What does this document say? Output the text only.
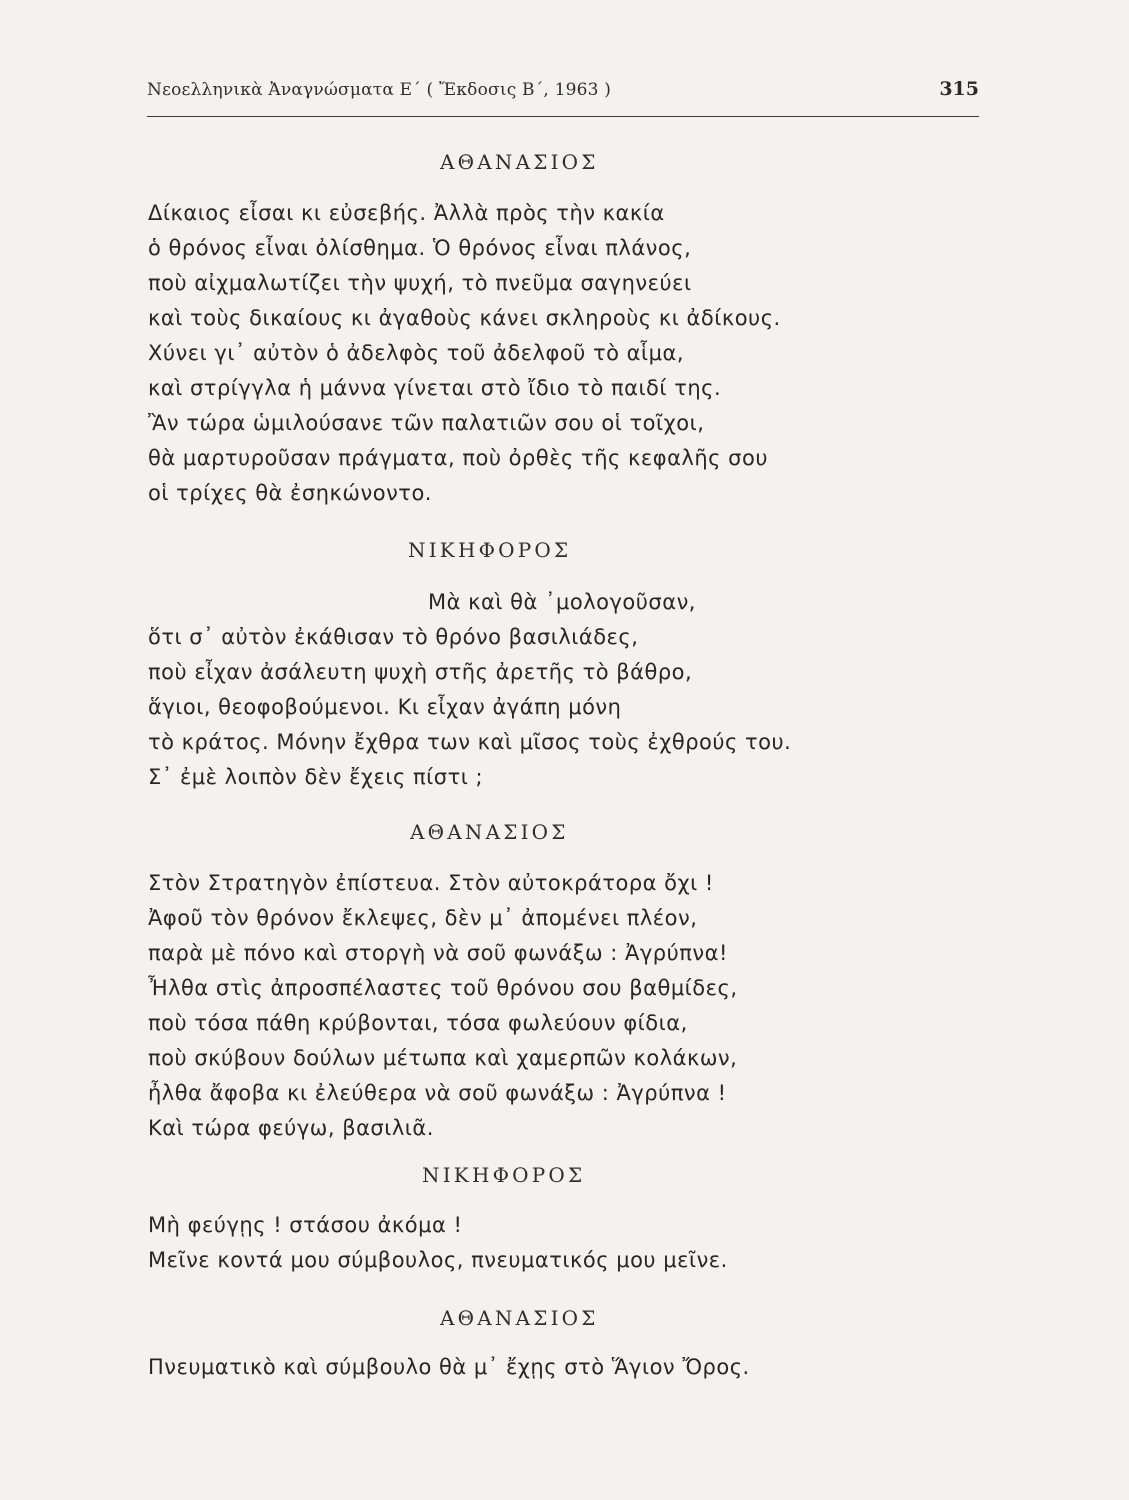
Νεοελληνικὰ Ἀναγνώσματα Ε´ ( Ἔκδοσις Β´, 1963 )	315
ΑΘΑΝΑΣΙΟΣ
Δίκαιος εἶσαι κι εὐσεβής. Ἀλλὰ πρὸς τὴν κακία
ὁ θρόνος εἶναι ὀλίσθημα. Ὁ θρόνος εἶναι πλάνος,
ποὺ αἰχμαλωτίζει τὴν ψυχή, τὸ πνεῦμα σαγηνεύει
καὶ τοὺς δικαίους κι ἀγαθοὺς κάνει σκληροὺς κι ἀδίκους.
Χύνει γι᾽ αὐτὸν ὁ ἀδελφὸς τοῦ ἀδελφοῦ τὸ αἷμα,
καὶ στρίγγλα ἡ μάννα γίνεται στὸ ἴδιο τὸ παιδί της.
Ἂν τώρα ὡμιλούσανε τῶν παλατιῶν σου οἱ τοῖχοι,
θὰ μαρτυροῦσαν πράγματα, ποὺ ὀρθὲς τῆς κεφαλῆς σου
οἱ τρίχες θὰ ἐσηκώνοντο.
ΝΙΚΗΦΟΡΟΣ
Μὰ καὶ θὰ ᾽μολογοῦσαν,
ὅτι σ᾽ αὐτὸν ἐκάθισαν τὸ θρόνο βασιλιάδες,
ποὺ εἶχαν ἀσάλευτη ψυχὴ στῆς ἀρετῆς τὸ βάθρο,
ἅγιοι, θεοφοβούμενοι. Κι εἶχαν ἀγάπη μόνη
τὸ κράτος. Μόνην ἔχθρα των καὶ μῖσος τοὺς ἐχθρούς του.
Σ᾽ ἐμὲ λοιπὸν δὲν ἔχεις πίστι ;
ΑΘΑΝΑΣΙΟΣ
Στὸν Στρατηγὸν ἐπίστευα. Στὸν αὐτοκράτορα ὄχι !
Ἀφοῦ τὸν θρόνον ἔκλεψες, δὲν μ᾽ ἀπομένει πλέον,
παρὰ μὲ πόνο καὶ στοργὴ νὰ σοῦ φωνάξω : Ἀγρύπνα!
Ἦλθα στὶς ἀπροσπέλαστες τοῦ θρόνου σου βαθμίδες,
ποὺ τόσα πάθη κρύβονται, τόσα φωλεύουν φίδια,
ποὺ σκύβουν δούλων μέτωπα καὶ χαμερπῶν κολάκων,
ἦλθα ἄφοβα κι ἐλεύθερα νὰ σοῦ φωνάξω : Ἀγρύπνα !
Καὶ τώρα φεύγω, βασιλιᾶ.
ΝΙΚΗΦΟΡΟΣ
Μὴ φεύγῃς ! στάσου ἀκόμα !
Μεῖνε κοντά μου σύμβουλος, πνευματικός μου μεῖνε.
ΑΘΑΝΑΣΙΟΣ
Πνευματικὸ καὶ σύμβουλο θὰ μ᾽ ἔχῃς στὸ Ἅγιον Ὄρος.
